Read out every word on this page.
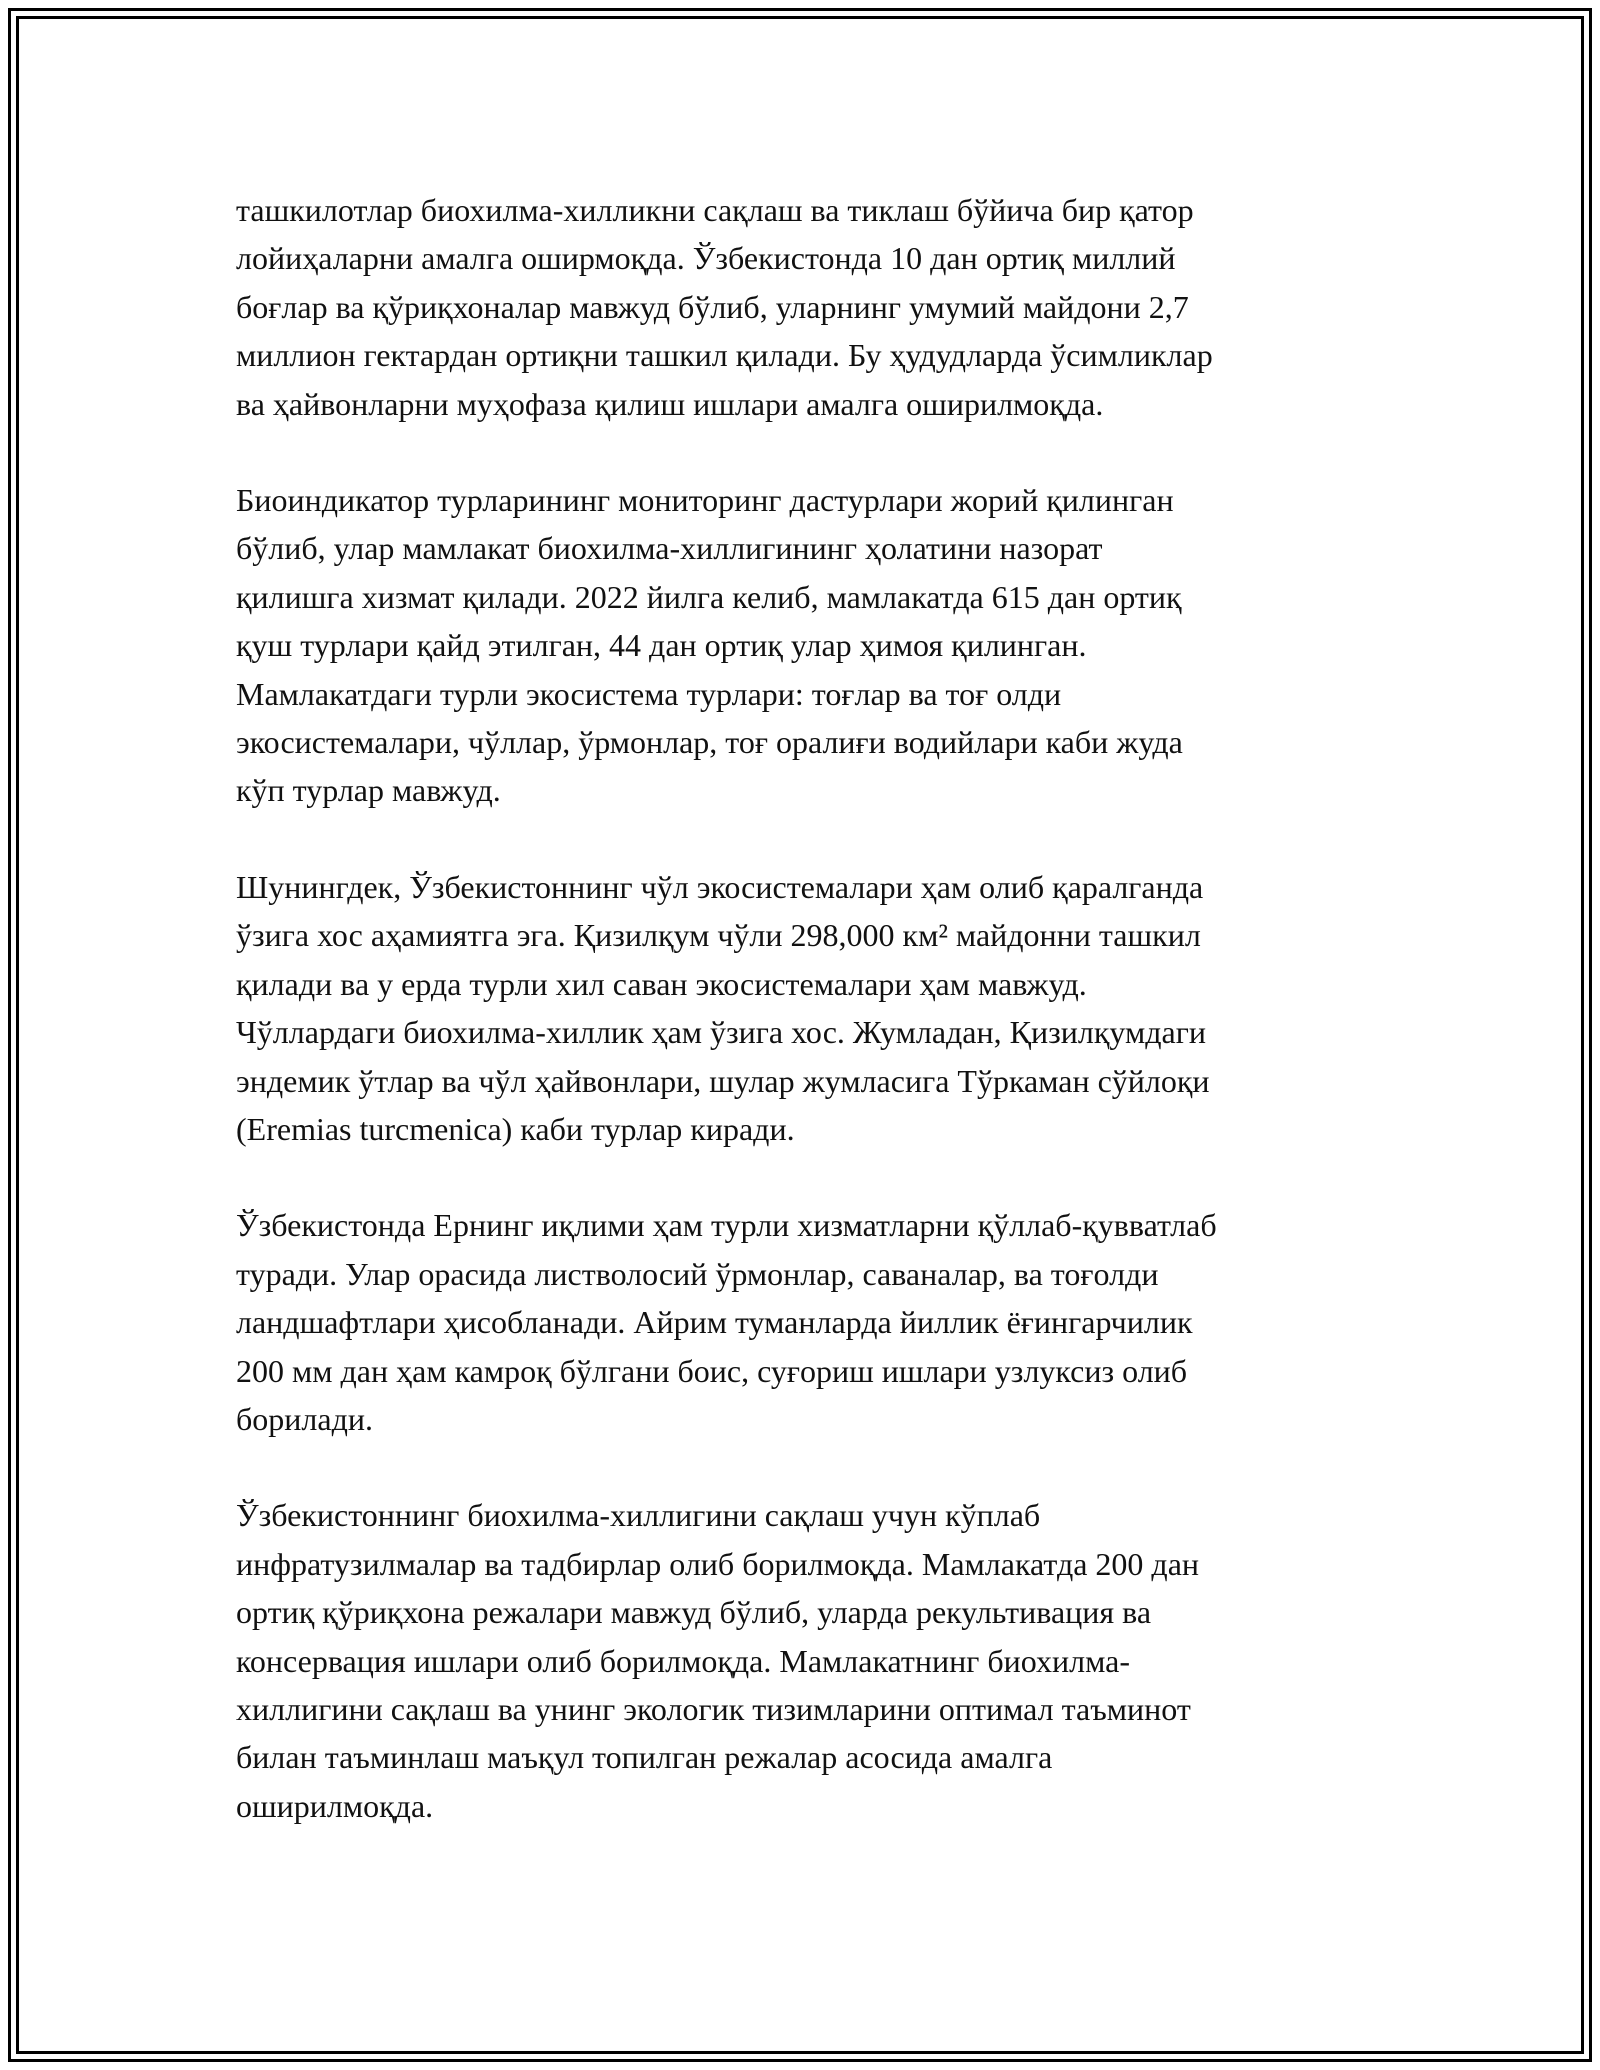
ташкилотлар биохилма-хилликни сақлаш ва тиклаш бўйича бир қатор
лойиҳаларни амалга оширмоқда. Ўзбекистонда 10 дан ортиқ миллий
боғлар ва қўриқхоналар мавжуд бўлиб, уларнинг умумий майдони 2,7
миллион гектардан ортиқни ташкил қилади. Бу ҳудудларда ўсимликлар
ва ҳайвонларни муҳофаза қилиш ишлари амалга оширилмоқда.

Биоиндикатор турларининг мониторинг дастурлари жорий қилинган
бўлиб, улар мамлакат биохилма-хиллигининг ҳолатини назорат
қилишга хизмат қилади. 2022 йилга келиб, мамлакатда 615 дан ортиқ
қуш турлари қайд этилган, 44 дан ортиқ улар ҳимоя қилинган.
Мамлакатдаги турли экосистема турлари: тоғлар ва тоғ олди
экосистемалари, чўллар, ўрмонлар, тоғ оралиғи водийлари каби жуда
кўп турлар мавжуд.

Шунингдек, Ўзбекистоннинг чўл экосистемалари ҳам олиб қаралганда
ўзига хос аҳамиятга эга. Қизилқум чўли 298,000 км² майдонни ташкил
қилади ва у ерда турли хил саван экосистемалари ҳам мавжуд.
Чўллардаги биохилма-хиллик ҳам ўзига хос. Жумладан, Қизилқумдаги
эндемик ўтлар ва чўл ҳайвонлари, шулар жумласига Тўркаман сўйлоқи
(Eremias turcmenica) каби турлар киради.

Ўзбекистонда Ернинг иқлими ҳам турли хизматларни қўллаб-қувватлаб
туради. Улар орасида листволосий ўрмонлар, саваналар, ва тоғолди
ландшафтлари ҳисобланади. Айрим туманларда йиллик ёғингарчилик
200 мм дан ҳам камроқ бўлгани боис, суғориш ишлари узлуксиз олиб
борилади.

Ўзбекистоннинг биохилма-хиллигини сақлаш учун кўплаб
инфратузилмалар ва тадбирлар олиб борилмоқда. Мамлакатда 200 дан
ортиқ қўриқхона режалари мавжуд бўлиб, уларда рекультивация ва
консервация ишлари олиб борилмоқда. Мамлакатнинг биохилма-
хиллигини сақлаш ва унинг экологик тизимларини оптимал таъминот
билан таъминлаш маъқул топилган режалар асосида амалга
оширилмоқда.
